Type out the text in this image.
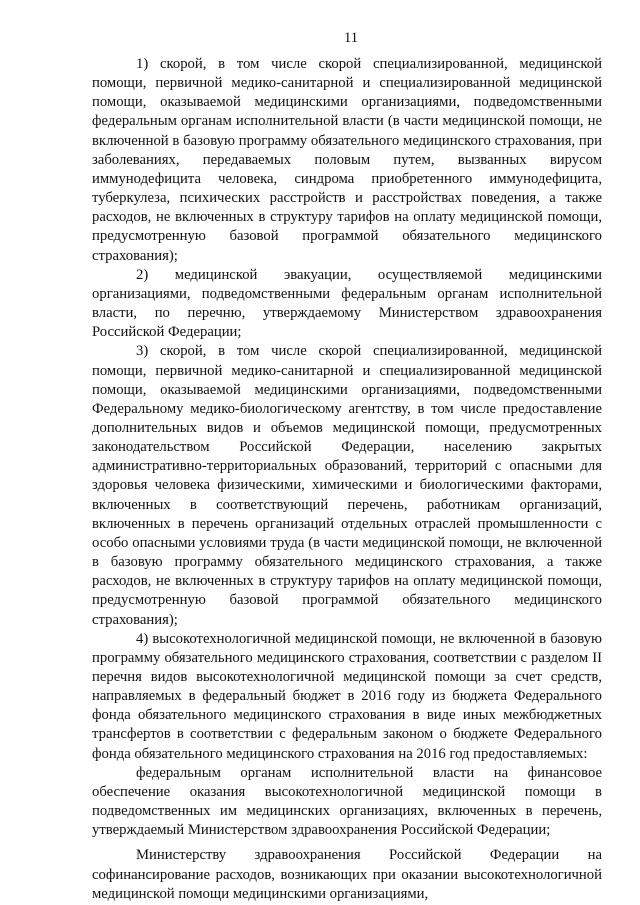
11

1) скорой, в том числе скорой специализированной, медицинской помощи, первичной медико-санитарной и специализированной медицинской помощи, оказываемой медицинскими организациями, подведомственными федеральным органам исполнительной власти (в части медицинской помощи, не включенной в базовую программу обязательного медицинского страхования, при заболеваниях, передаваемых половым путем, вызванных вирусом иммунодефицита человека, синдрома приобретенного иммунодефицита, туберкулеза, психических расстройств и расстройствах поведения, а также расходов, не включенных в структуру тарифов на оплату медицинской помощи, предусмотренную базовой программой обязательного медицинского страхования);

2) медицинской эвакуации, осуществляемой медицинскими организациями, подведомственными федеральным органам исполнительной власти, по перечню, утверждаемому Министерством здравоохранения Российской Федерации;

3) скорой, в том числе скорой специализированной, медицинской помощи, первичной медико-санитарной и специализированной медицинской помощи, оказываемой медицинскими организациями, подведомственными Федеральному медико-биологическому агентству, в том числе предоставление дополнительных видов и объемов медицинской помощи, предусмотренных законодательством Российской Федерации, населению закрытых административно-территориальных образований, территорий с опасными для здоровья человека физическими, химическими и биологическими факторами, включенных в соответствующий перечень, работникам организаций, включенных в перечень организаций отдельных отраслей промышленности с особо опасными условиями труда (в части медицинской помощи, не включенной в базовую программу обязательного медицинского страхования, а также расходов, не включенных в структуру тарифов на оплату медицинской помощи, предусмотренную базовой программой обязательного медицинского страхования);

4) высокотехнологичной медицинской помощи, не включенной в базовую программу обязательного медицинского страхования, соответствии с разделом II перечня видов высокотехнологичной медицинской помощи за счет средств, направляемых в федеральный бюджет в 2016 году из бюджета Федерального фонда обязательного медицинского страхования в виде иных межбюджетных трансфертов в соответствии с федеральным законом о бюджете Федерального фонда обязательного медицинского страхования на 2016 год предоставляемых:

федеральным органам исполнительной власти на финансовое обеспечение оказания высокотехнологичной медицинской помощи в подведомственных им медицинских организациях, включенных в перечень, утверждаемый Министерством здравоохранения Российской Федерации;

Министерству здравоохранения Российской Федерации на софинансирование расходов, возникающих при оказании высокотехнологичной медицинской помощи медицинскими организациями,
